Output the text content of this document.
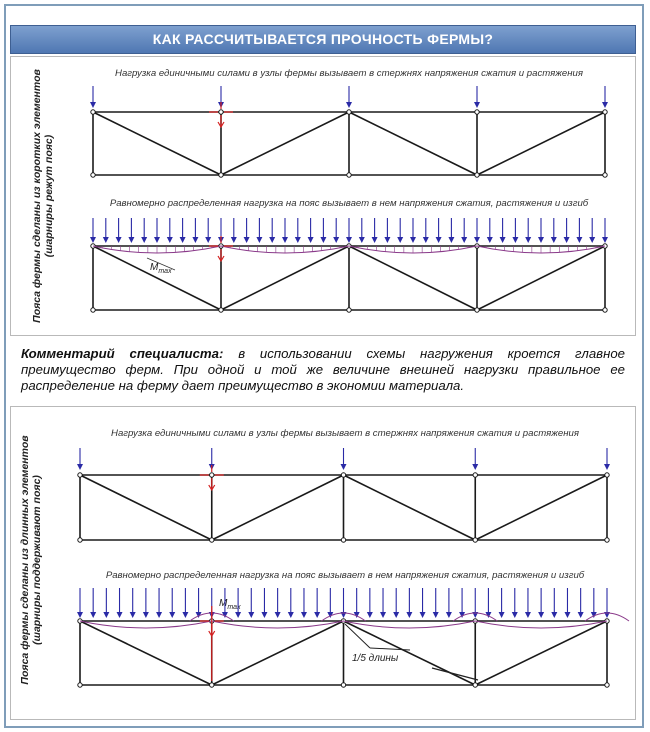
КАК РАССЧИТЫВАЕТСЯ ПРОЧНОСТЬ ФЕРМЫ?
Комментарий специалиста: в использовании схемы нагружения кроется главное преимущество ферм. При одной и той же величине внешней нагрузки правильное ее распределение на ферму дает преимущество в экономии материала.
Пояса фермы сделаны из коротких элементов (шарниры режут пояс)
Пояса фермы сделаны из длинных элементов (шарниры поддерживают пояс)
Нагрузка единичными силами в узлы фермы вызывает в стержнях напряжения сжатия и растяжения
Равномерно распределенная нагрузка на пояс вызывает в нем напряжения сжатия, растяжения и изгиб
Нагрузка единичными силами в узлы фермы вызывает в стержнях напряжения сжатия и растяжения
Равномерно распределенная нагрузка на пояс вызывает в нем напряжения сжатия, растяжения и изгиб
$M_{max}$
$M_{max}$
1/5 длины
